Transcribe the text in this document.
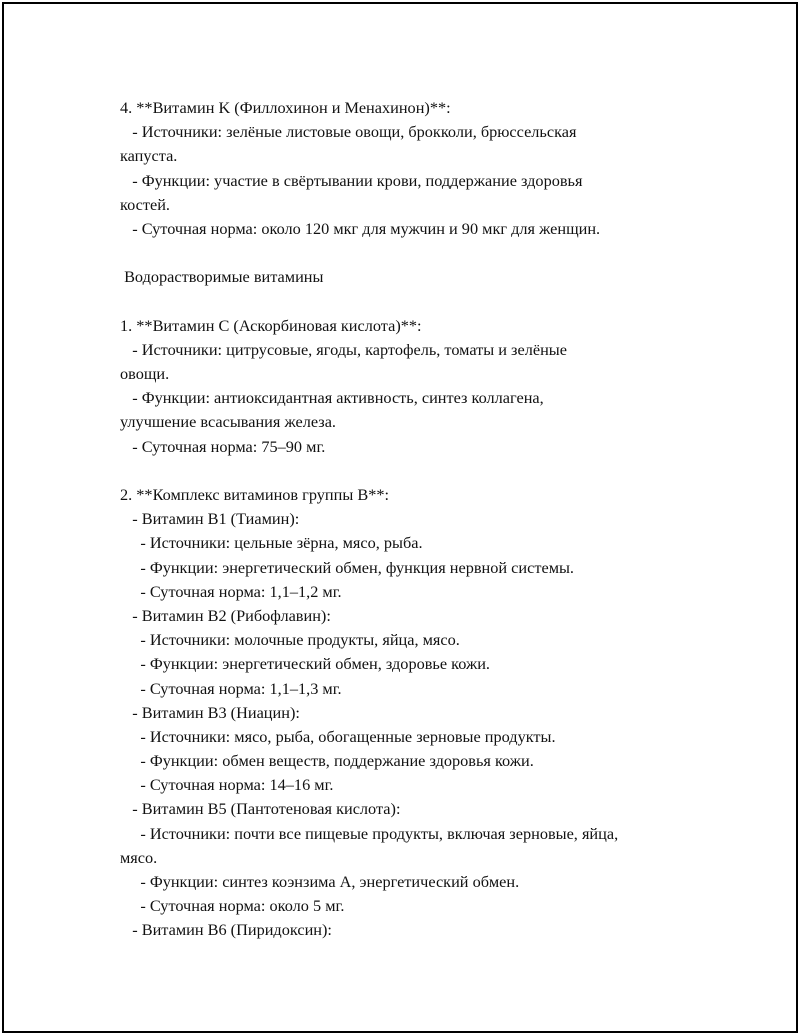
4. **Витамин K (Филлохинон и Менахинон)**:
- Источники: зелёные листовые овощи, брокколи, брюссельская
капуста.
- Функции: участие в свёртывании крови, поддержание здоровья
костей.
- Суточная норма: около 120 мкг для мужчин и 90 мкг для женщин.
Водорастворимые витамины
1. **Витамин C (Аскорбиновая кислота)**:
- Источники: цитрусовые, ягоды, картофель, томаты и зелёные
овощи.
- Функции: антиоксидантная активность, синтез коллагена,
улучшение всасывания железа.
- Суточная норма: 75–90 мг.
2. **Комплекс витаминов группы B**:
- Витамин B1 (Тиамин):
- Источники: цельные зёрна, мясо, рыба.
- Функции: энергетический обмен, функция нервной системы.
- Суточная норма: 1,1–1,2 мг.
- Витамин B2 (Рибофлавин):
- Источники: молочные продукты, яйца, мясо.
- Функции: энергетический обмен, здоровье кожи.
- Суточная норма: 1,1–1,3 мг.
- Витамин B3 (Ниацин):
- Источники: мясо, рыба, обогащенные зерновые продукты.
- Функции: обмен веществ, поддержание здоровья кожи.
- Суточная норма: 14–16 мг.
- Витамин B5 (Пантотеновая кислота):
- Источники: почти все пищевые продукты, включая зерновые, яйца,
мясо.
- Функции: синтез коэнзима A, энергетический обмен.
- Суточная норма: около 5 мг.
- Витамин B6 (Пиридоксин):
